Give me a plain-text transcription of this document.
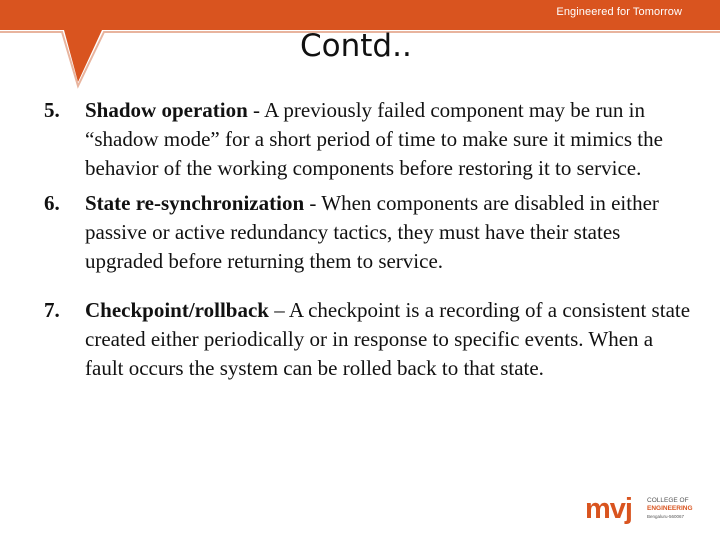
Engineered for Tomorrow
Contd..
5. Shadow operation - A previously failed component may be run in “shadow mode” for a short period of time to make sure it mimics the behavior of the working components before restoring it to service.
6. State re-synchronization - When components are disabled in either passive or active redundancy tactics, they must have their states upgraded before returning them to service.
7. Checkpoint/rollback – A checkpoint is a recording of a consistent state created either periodically or in response to specific events. When a fault occurs the system can be rolled back to that state.
mvj COLLEGE OF
ENGINEERING
Bengaluru-560067
